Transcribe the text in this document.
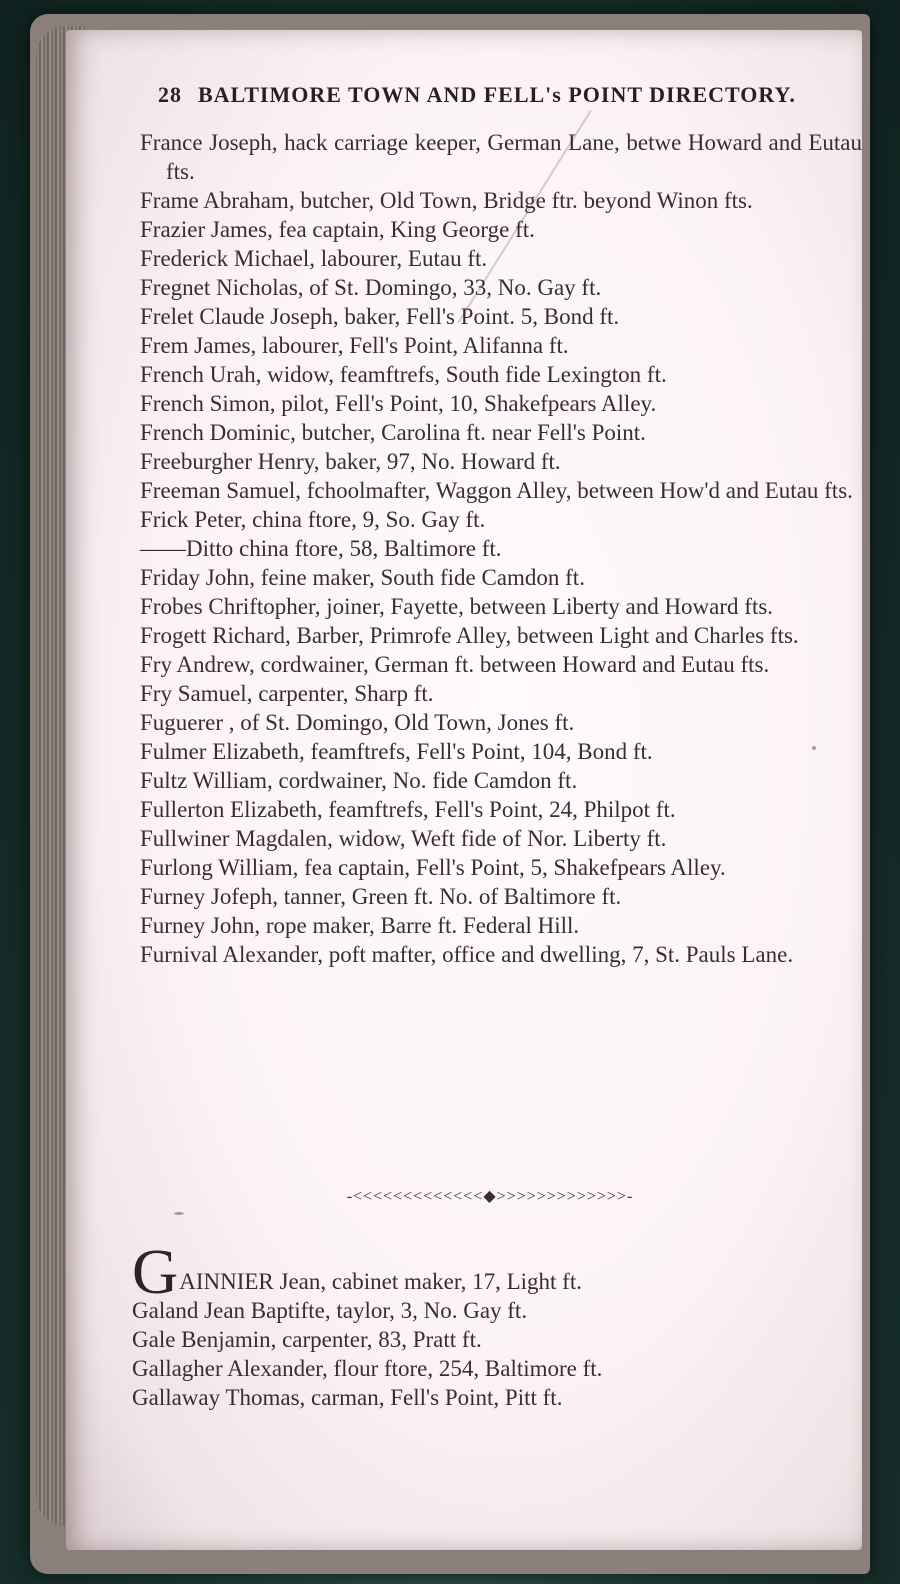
28 BALTIMORE TOWN AND FELL's POINT DIRECTORY.
France Joseph, hack carriage keeper, German Lane, betwe Howard and Eutau fts.
Frame Abraham, butcher, Old Town, Bridge ftr. beyond Winon fts.
Frazier James, fea captain, King George ft.
Frederick Michael, labourer, Eutau ft.
Fregnet Nicholas, of St. Domingo, 33, No. Gay ft.
Frelet Claude Joseph, baker, Fell's Point. 5, Bond ft.
Frem James, labourer, Fell's Point, Alifanna ft.
French Urah, widow, feamftrefs, South fide Lexington ft.
French Simon, pilot, Fell's Point, 10, Shakefpears Alley.
French Dominic, butcher, Carolina ft. near Fell's Point.
Freeburgher Henry, baker, 97, No. Howard ft.
Freeman Samuel, fchoolmafter, Waggon Alley, between How'd and Eutau fts.
Frick Peter, china ftore, 9, So. Gay ft.
——Ditto china ftore, 58, Baltimore ft.
Friday John, feine maker, South fide Camdon ft.
Frobes Chriftopher, joiner, Fayette, between Liberty and Howard fts.
Frogett Richard, Barber, Primrofe Alley, between Light and Charles fts.
Fry Andrew, cordwainer, German ft. between Howard and Eutau fts.
Fry Samuel, carpenter, Sharp ft.
Fuguerer , of St. Domingo, Old Town, Jones ft.
Fulmer Elizabeth, feamftrefs, Fell's Point, 104, Bond ft.
Fultz William, cordwainer, No. fide Camdon ft.
Fullerton Elizabeth, feamftrefs, Fell's Point, 24, Philpot ft.
Fullwiner Magdalen, widow, Weft fide of Nor. Liberty ft.
Furlong William, fea captain, Fell's Point, 5, Shakefpears Alley.
Furney Jofeph, tanner, Green ft. No. of Baltimore ft.
Furney John, rope maker, Barre ft. Federal Hill.
Furnival Alexander, poft mafter, office and dwelling, 7, St. Pauls Lane.
-<<<<<<<<<<<<<◆>>>>>>>>>>>>>-
GAINNIER Jean, cabinet maker, 17, Light ft.
Galand Jean Baptifte, taylor, 3, No. Gay ft.
Gale Benjamin, carpenter, 83, Pratt ft.
Gallagher Alexander, flour ftore, 254, Baltimore ft.
Gallaway Thomas, carman, Fell's Point, Pitt ft.
